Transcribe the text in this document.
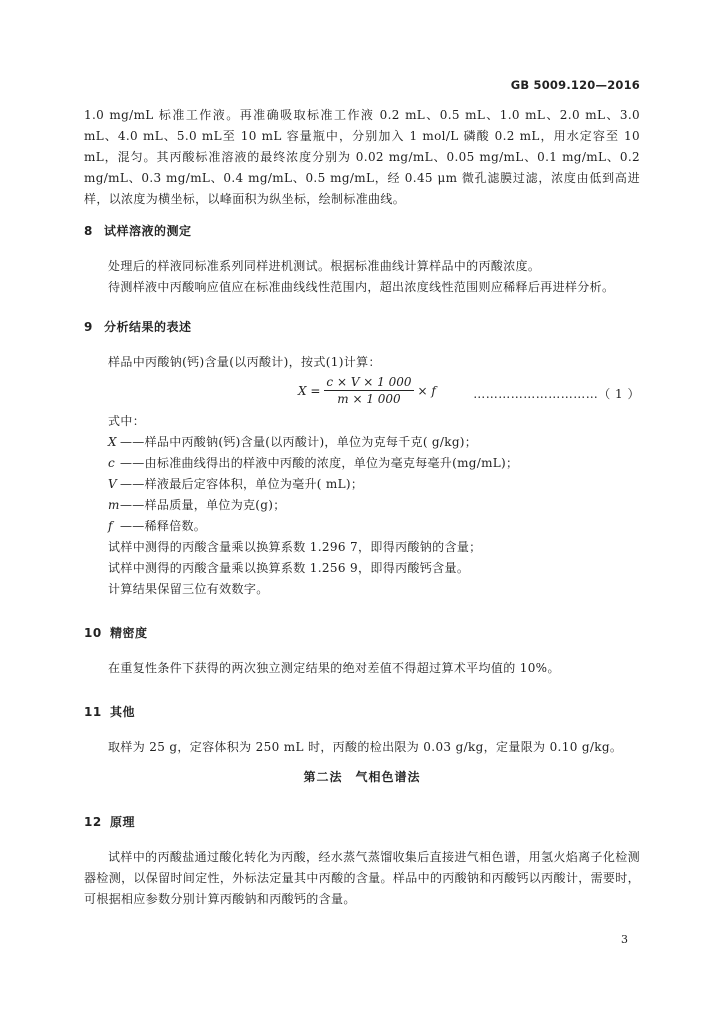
GB 5009.120—2016

1.0 mg/mL 标准工作液。再准确吸取标准工作液 0.2 mL、0.5 mL、1.0 mL、2.0 mL、3.0 mL、4.0 mL、5.0 mL至 10 mL 容量瓶中，分别加入 1 mol/L 磷酸 0.2 mL，用水定容至 10 mL，混匀。其丙酸标准溶液的最终浓度分别为 0.02 mg/mL、0.05 mg/mL、0.1 mg/mL、0.2 mg/mL、0.3 mg/mL、0.4 mg/mL、0.5 mg/mL，经 0.45 μm 微孔滤膜过滤，浓度由低到高进样，以浓度为横坐标，以峰面积为纵坐标，绘制标准曲线。

8 试样溶液的测定

处理后的样液同标准系列同样进机测试。根据标准曲线计算样品中的丙酸浓度。

待测样液中丙酸响应值应在标准曲线线性范围内，超出浓度线性范围则应稀释后再进样分析。

9 分析结果的表述

样品中丙酸钠(钙)含量(以丙酸计)，按式(1)计算：

$X = \frac{c \times V \times 1 000}{m \times 1 000} \times f$	…………………………（ 1 ）

式中：

X ——样品中丙酸钠(钙)含量(以丙酸计)，单位为克每千克( g/kg)；
c ——由标准曲线得出的样液中丙酸的浓度，单位为毫克每毫升(mg/mL)；
V ——样液最后定容体积，单位为毫升( mL)；
m——样品质量，单位为克(g)；
f ——稀释倍数。

试样中测得的丙酸含量乘以换算系数 1.296 7，即得丙酸钠的含量；

试样中测得的丙酸含量乘以换算系数 1.256 9，即得丙酸钙含量。

计算结果保留三位有效数字。

10 精密度

在重复性条件下获得的两次独立测定结果的绝对差值不得超过算术平均值的 10%。

11 其他

取样为 25 g，定容体积为 250 mL 时，丙酸的检出限为 0.03 g/kg，定量限为 0.10 g/kg。

第二法　气相色谱法
12 原理

试样中的丙酸盐通过酸化转化为丙酸，经水蒸气蒸馏收集后直接进气相色谱，用氢火焰离子化检测器检测，以保留时间定性，外标法定量其中丙酸的含量。样品中的丙酸钠和丙酸钙以丙酸计，需要时，可根据相应参数分别计算丙酸钠和丙酸钙的含量。

3
